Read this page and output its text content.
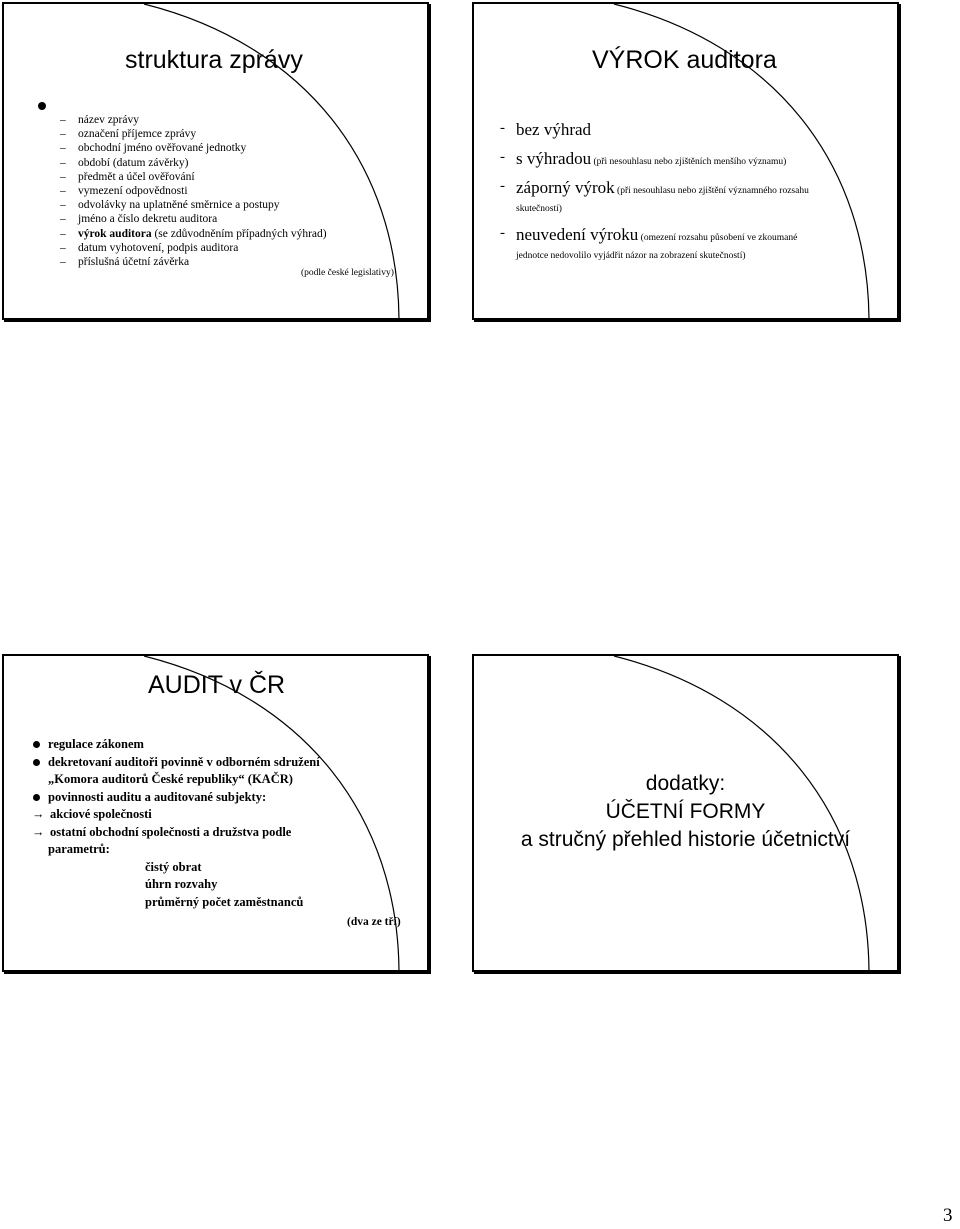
struktura zprávy
– název zprávy
– označení příjemce zprávy
– obchodní jméno ověřované jednotky
– období (datum závěrky)
– předmět a účel ověřování
– vymezení odpovědnosti
– odvolávky na uplatněné směrnice a postupy
– jméno a číslo dekretu auditora
– výrok auditora (se zdůvodněním případných výhrad)
– datum vyhotovení, podpis auditora
– příslušná účetní závěrka
(podle české legislativy)
VÝROK auditora
- bez výhrad
- s výhradou (při nesouhlasu nebo zjištěních menšího významu)
- záporný výrok (při nesouhlasu nebo zjištění významného rozsahu
skutečností)
- neuvedení výroku (omezení rozsahu působení ve zkoumané
jednotce nedovolilo vyjádřit názor na zobrazení skutečností)
AUDIT v ČR
regulace zákonem
dekretovaní auditoři povinně v odborném sdružení
„Komora auditorů České republiky“ (KAČR)
povinnosti auditu a auditované subjekty:
→ akciové společnosti
→ ostatní obchodní společnosti a družstva podle
parametrů:
čistý obrat
úhrn rozvahy
průměrný počet zaměstnanců
(dva ze tří)
dodatky:
ÚČETNÍ FORMY
a stručný přehled historie účetnictví
3
